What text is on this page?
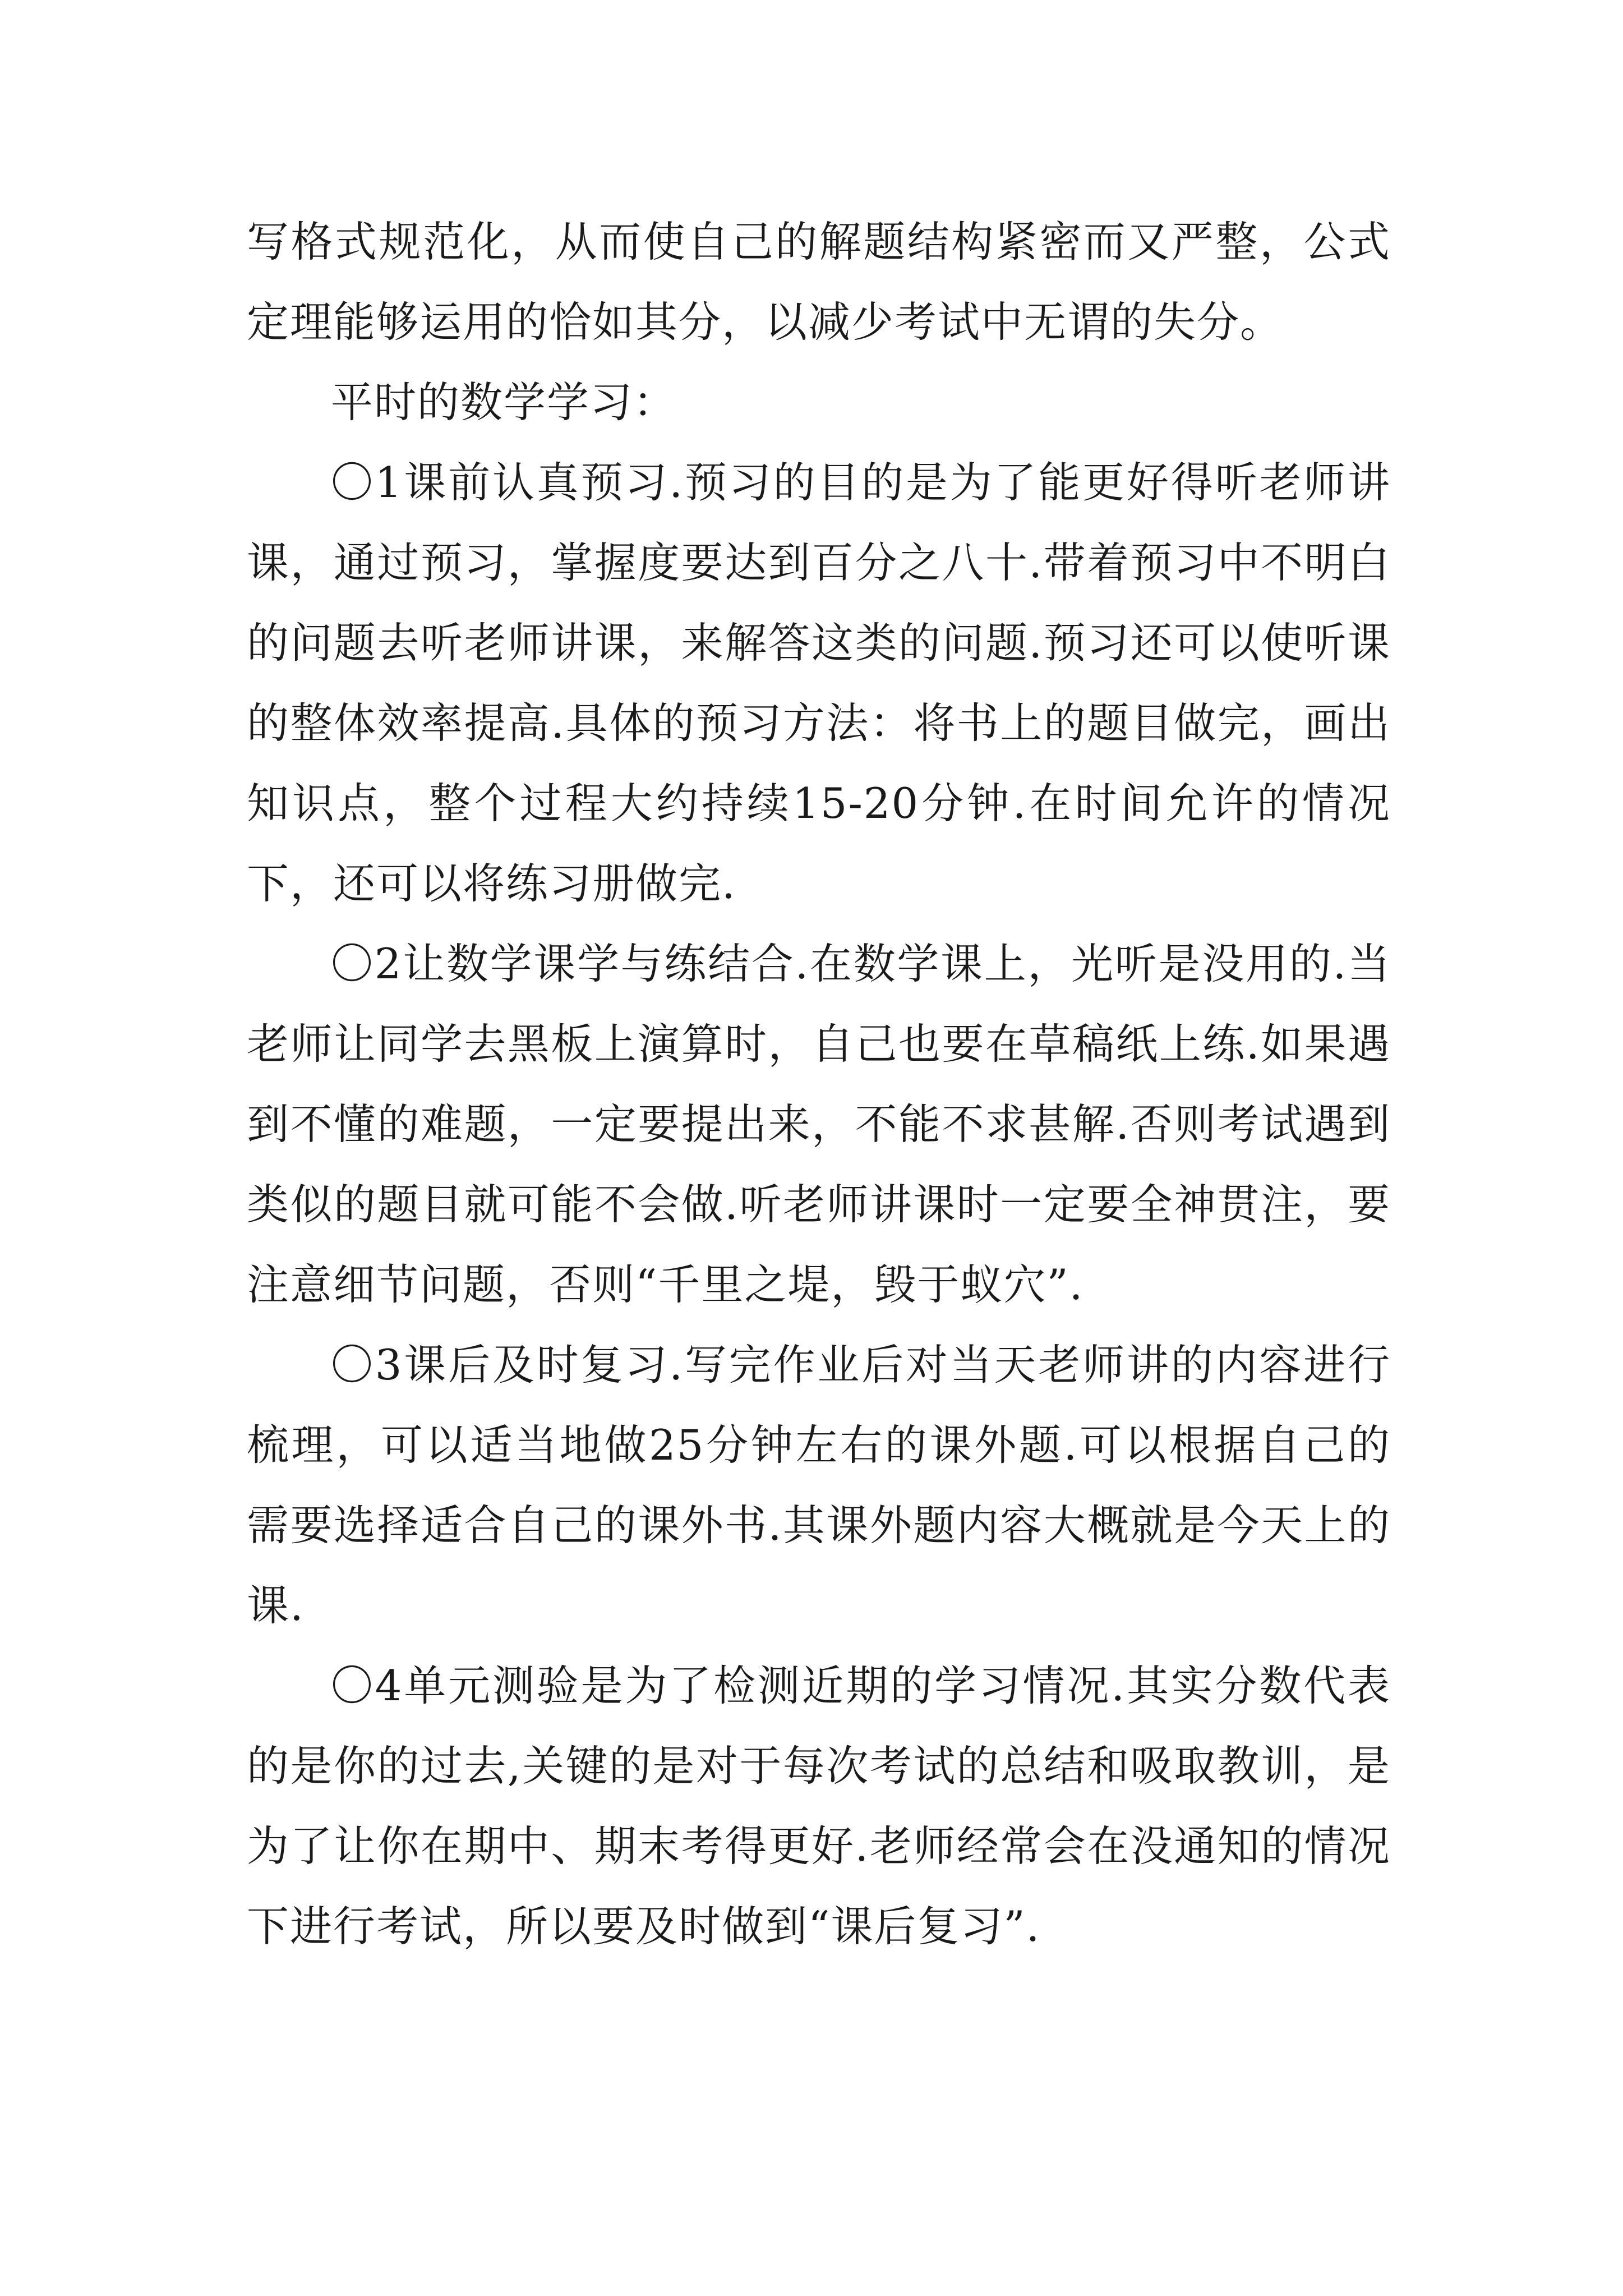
写格式规范化，从而使自己的解题结构紧密而又严整，公式定理能够运用的恰如其分，以减少考试中无谓的失分。

平时的数学学习：

〇1课前认真预习.预习的目的是为了能更好得听老师讲课，通过预习，掌握度要达到百分之八十.带着预习中不明白的问题去听老师讲课，来解答这类的问题.预习还可以使听课的整体效率提高.具体的预习方法：将书上的题目做完，画出知识点，整个过程大约持续15-20分钟.在时间允许的情况下，还可以将练习册做完.

〇2让数学课学与练结合.在数学课上，光听是没用的.当老师让同学去黑板上演算时，自己也要在草稿纸上练.如果遇到不懂的难题，一定要提出来，不能不求甚解.否则考试遇到类似的题目就可能不会做.听老师讲课时一定要全神贯注，要注意细节问题，否则“千里之堤，毁于蚁穴”.

〇3课后及时复习.写完作业后对当天老师讲的内容进行梳理，可以适当地做25分钟左右的课外题.可以根据自己的需要选择适合自己的课外书.其课外题内容大概就是今天上的课.

〇4单元测验是为了检测近期的学习情况.其实分数代表的是你的过去,关键的是对于每次考试的总结和吸取教训，是为了让你在期中、期末考得更好.老师经常会在没通知的情况下进行考试，所以要及时做到“课后复习”.
